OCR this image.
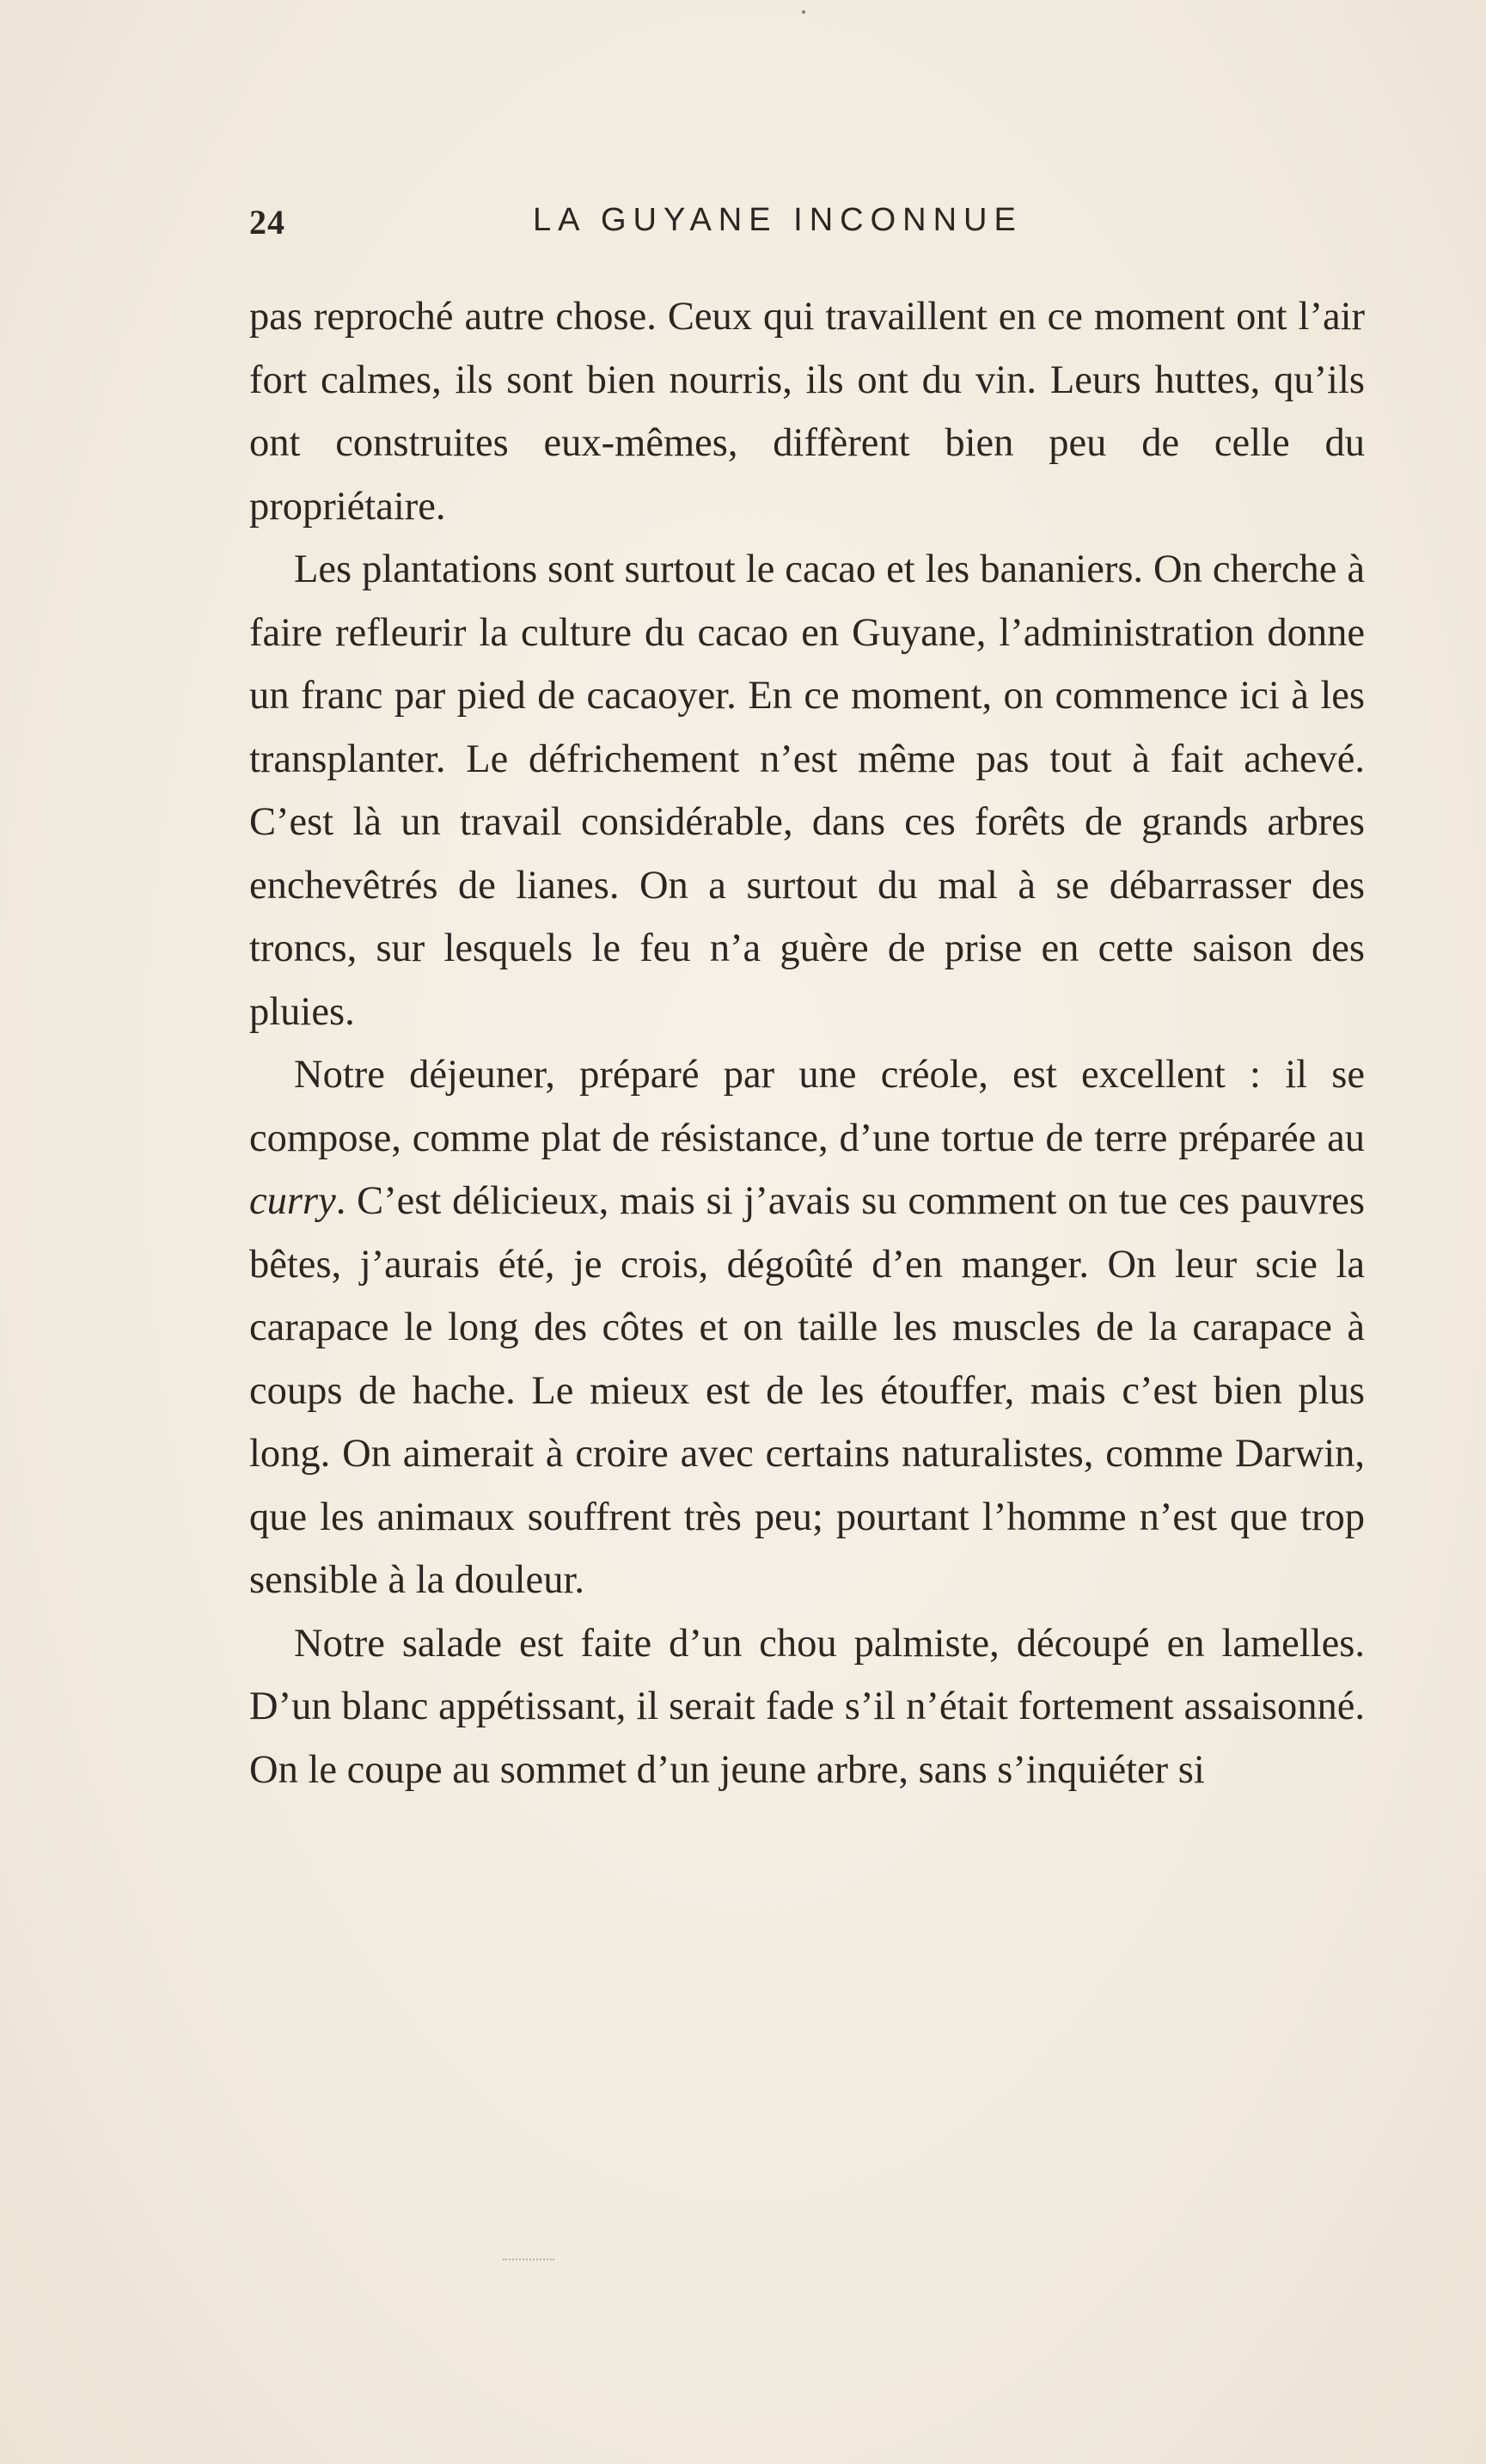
24	LA GUYANE INCONNUE

pas reproché autre chose. Ceux qui travaillent en ce moment ont l’air fort calmes, ils sont bien nourris, ils ont du vin. Leurs huttes, qu’ils ont construites eux-mêmes, diffèrent bien peu de celle du propriétaire.

Les plantations sont surtout le cacao et les bananiers. On cherche à faire refleurir la culture du cacao en Guyane, l’administration donne un franc par pied de cacaoyer. En ce moment, on commence ici à les transplanter. Le défrichement n’est même pas tout à fait achevé. C’est là un travail considérable, dans ces forêts de grands arbres enchevêtrés de lianes. On a surtout du mal à se débarrasser des troncs, sur lesquels le feu n’a guère de prise en cette saison des pluies.

Notre déjeuner, préparé par une créole, est excellent : il se compose, comme plat de résistance, d’une tortue de terre préparée au curry. C’est délicieux, mais si j’avais su comment on tue ces pauvres bêtes, j’aurais été, je crois, dégoûté d’en manger. On leur scie la carapace le long des côtes et on taille les muscles de la carapace à coups de hache. Le mieux est de les étouffer, mais c’est bien plus long. On aimerait à croire avec certains naturalistes, comme Darwin, que les animaux souffrent très peu; pourtant l’homme n’est que trop sensible à la douleur.

Notre salade est faite d’un chou palmiste, découpé en lamelles. D’un blanc appétissant, il serait fade s’il n’était fortement assaisonné. On le coupe au sommet d’un jeune arbre, sans s’inquiéter si
